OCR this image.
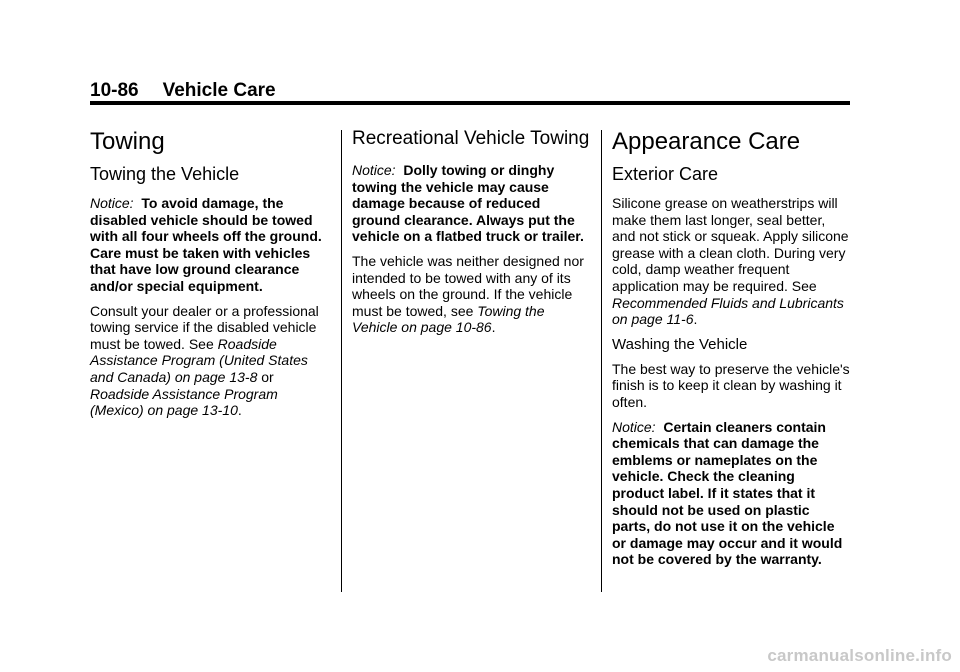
10-86 Vehicle Care
Towing
Towing the Vehicle

Notice: To avoid damage, the disabled vehicle should be towed with all four wheels off the ground. Care must be taken with vehicles that have low ground clearance and/or special equipment.

Consult your dealer or a professional towing service if the disabled vehicle must be towed. See Roadside Assistance Program (United States and Canada) on page 13-8 or Roadside Assistance Program (Mexico) on page 13-10.

Recreational Vehicle Towing

Notice: Dolly towing or dinghy towing the vehicle may cause damage because of reduced ground clearance. Always put the vehicle on a flatbed truck or trailer.

The vehicle was neither designed nor intended to be towed with any of its wheels on the ground. If the vehicle must be towed, see Towing the Vehicle on page 10-86.

Appearance Care
Exterior Care

Silicone grease on weatherstrips will make them last longer, seal better, and not stick or squeak. Apply silicone grease with a clean cloth. During very cold, damp weather frequent application may be required. See Recommended Fluids and Lubricants on page 11-6.

Washing the Vehicle

The best way to preserve the vehicle's finish is to keep it clean by washing it often.

Notice: Certain cleaners contain chemicals that can damage the emblems or nameplates on the vehicle. Check the cleaning product label. If it states that it should not be used on plastic parts, do not use it on the vehicle or damage may occur and it would not be covered by the warranty.

carmanualsonline.info
